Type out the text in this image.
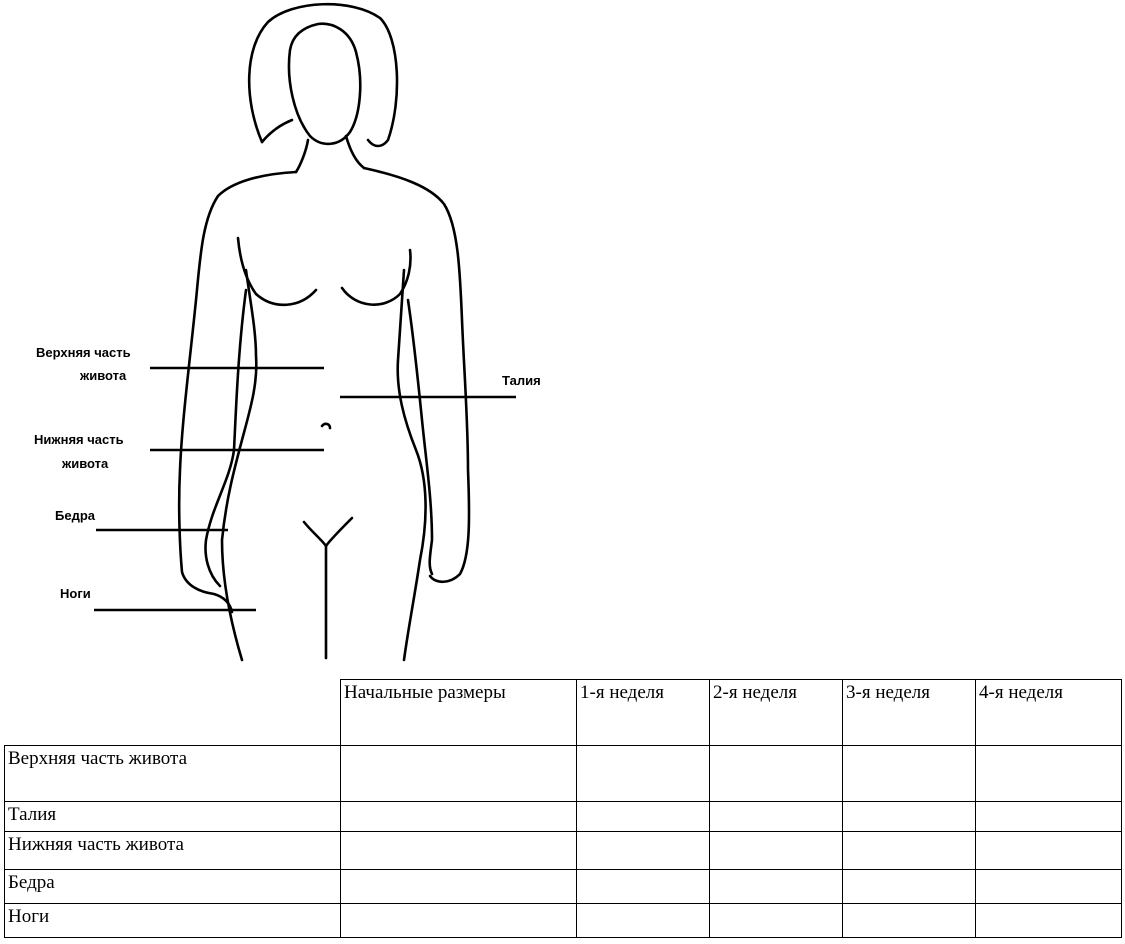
Верхняя часть
живота	Талия
Нижняя часть
живота
Бедра
Ноги
	Начальные размеры	1-я неделя	2-я неделя	3-я неделя	4-я неделя
Верхняя часть живота					
Талия					
Нижняя часть живота					
Бедра					
Ноги					
